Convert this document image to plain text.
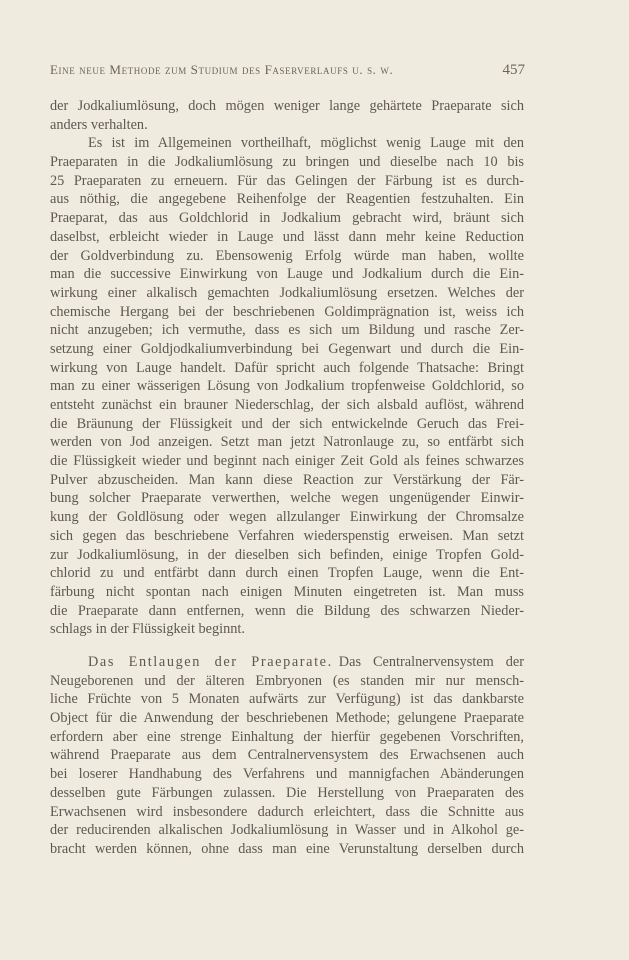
Eine neue Methode zum Studium des Faserverlaufs u. s. w.	457
der Jodkaliumlösung, doch mögen weniger lange gehärtete Praeparate sich
anders verhalten.
Es ist im Allgemeinen vortheilhaft, möglichst wenig Lauge mit den
Praeparaten in die Jodkaliumlösung zu bringen und dieselbe nach 10 bis
25 Praeparaten zu erneuern. Für das Gelingen der Färbung ist es durch-
aus nöthig, die angegebene Reihenfolge der Reagentien festzuhalten. Ein
Praeparat, das aus Goldchlorid in Jodkalium gebracht wird, bräunt sich
daselbst, erbleicht wieder in Lauge und lässt dann mehr keine Reduction
der Goldverbindung zu. Ebensowenig Erfolg würde man haben, wollte
man die successive Einwirkung von Lauge und Jodkalium durch die Ein-
wirkung einer alkalisch gemachten Jodkaliumlösung ersetzen. Welches der
chemische Hergang bei der beschriebenen Goldimprägnation ist, weiss ich
nicht anzugeben; ich vermuthe, dass es sich um Bildung und rasche Zer-
setzung einer Goldjodkaliumverbindung bei Gegenwart und durch die Ein-
wirkung von Lauge handelt. Dafür spricht auch folgende Thatsache: Bringt
man zu einer wässerigen Lösung von Jodkalium tropfenweise Goldchlorid, so
entsteht zunächst ein brauner Niederschlag, der sich alsbald auflöst, während
die Bräunung der Flüssigkeit und der sich entwickelnde Geruch das Frei-
werden von Jod anzeigen. Setzt man jetzt Natronlauge zu, so entfärbt sich
die Flüssigkeit wieder und beginnt nach einiger Zeit Gold als feines schwarzes
Pulver abzuscheiden. Man kann diese Reaction zur Verstärkung der Fär-
bung solcher Praeparate verwerthen, welche wegen ungenügender Einwir-
kung der Goldlösung oder wegen allzulanger Einwirkung der Chromsalze
sich gegen das beschriebene Verfahren wiederspenstig erweisen. Man setzt
zur Jodkaliumlösung, in der dieselben sich befinden, einige Tropfen Gold-
chlorid zu und entfärbt dann durch einen Tropfen Lauge, wenn die Ent-
färbung nicht spontan nach einigen Minuten eingetreten ist. Man muss
die Praeparate dann entfernen, wenn die Bildung des schwarzen Nieder-
schlags in der Flüssigkeit beginnt.
Das Entlaugen der Praeparate. Das Centralnervensystem der
Neugeborenen und der älteren Embryonen (es standen mir nur mensch-
liche Früchte von 5 Monaten aufwärts zur Verfügung) ist das dankbarste
Object für die Anwendung der beschriebenen Methode; gelungene Praeparate
erfordern aber eine strenge Einhaltung der hierfür gegebenen Vorschriften,
während Praeparate aus dem Centralnervensystem des Erwachsenen auch
bei loserer Handhabung des Verfahrens und mannigfachen Abänderungen
desselben gute Färbungen zulassen. Die Herstellung von Praeparaten des
Erwachsenen wird insbesondere dadurch erleichtert, dass die Schnitte aus
der reducirenden alkalischen Jodkaliumlösung in Wasser und in Alkohol ge-
bracht werden können, ohne dass man eine Verunstaltung derselben durch
